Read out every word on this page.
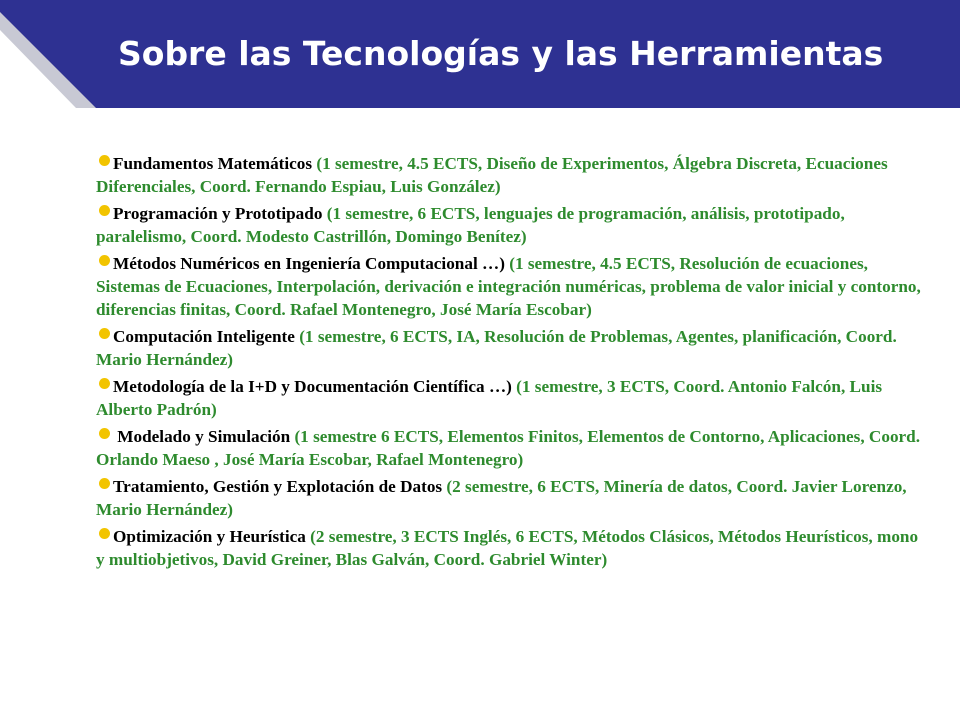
Sobre las Tecnologías y las Herramientas
Fundamentos Matemáticos (1 semestre, 4.5 ECTS, Diseño de Experimentos, Álgebra Discreta, Ecuaciones Diferenciales, Coord. Fernando Espiau, Luis González)
Programación y Prototipado (1 semestre, 6 ECTS, lenguajes de programación, análisis, prototipado, paralelismo, Coord. Modesto Castrillón, Domingo Benítez)
Métodos Numéricos en Ingeniería Computacional …) (1 semestre, 4.5 ECTS, Resolución de ecuaciones, Sistemas de Ecuaciones, Interpolación, derivación e integración numéricas, problema de valor inicial y contorno, diferencias finitas, Coord. Rafael Montenegro, José María Escobar)
Computación Inteligente (1 semestre, 6 ECTS, IA, Resolución de Problemas, Agentes, planificación, Coord. Mario Hernández)
Metodología de la I+D y Documentación Científica …) (1 semestre, 3 ECTS, Coord. Antonio Falcón, Luis Alberto Padrón)
Modelado y Simulación (1 semestre 6 ECTS, Elementos Finitos, Elementos de Contorno, Aplicaciones, Coord. Orlando Maeso , José María Escobar, Rafael Montenegro)
Tratamiento, Gestión y Explotación de Datos (2 semestre, 6 ECTS, Minería de datos, Coord. Javier Lorenzo, Mario Hernández)
Optimización y Heurística (2 semestre, 3 ECTS Inglés, 6 ECTS, Métodos Clásicos, Métodos Heurísticos, mono y multiobjetivos, David Greiner, Blas Galván, Coord. Gabriel Winter)
